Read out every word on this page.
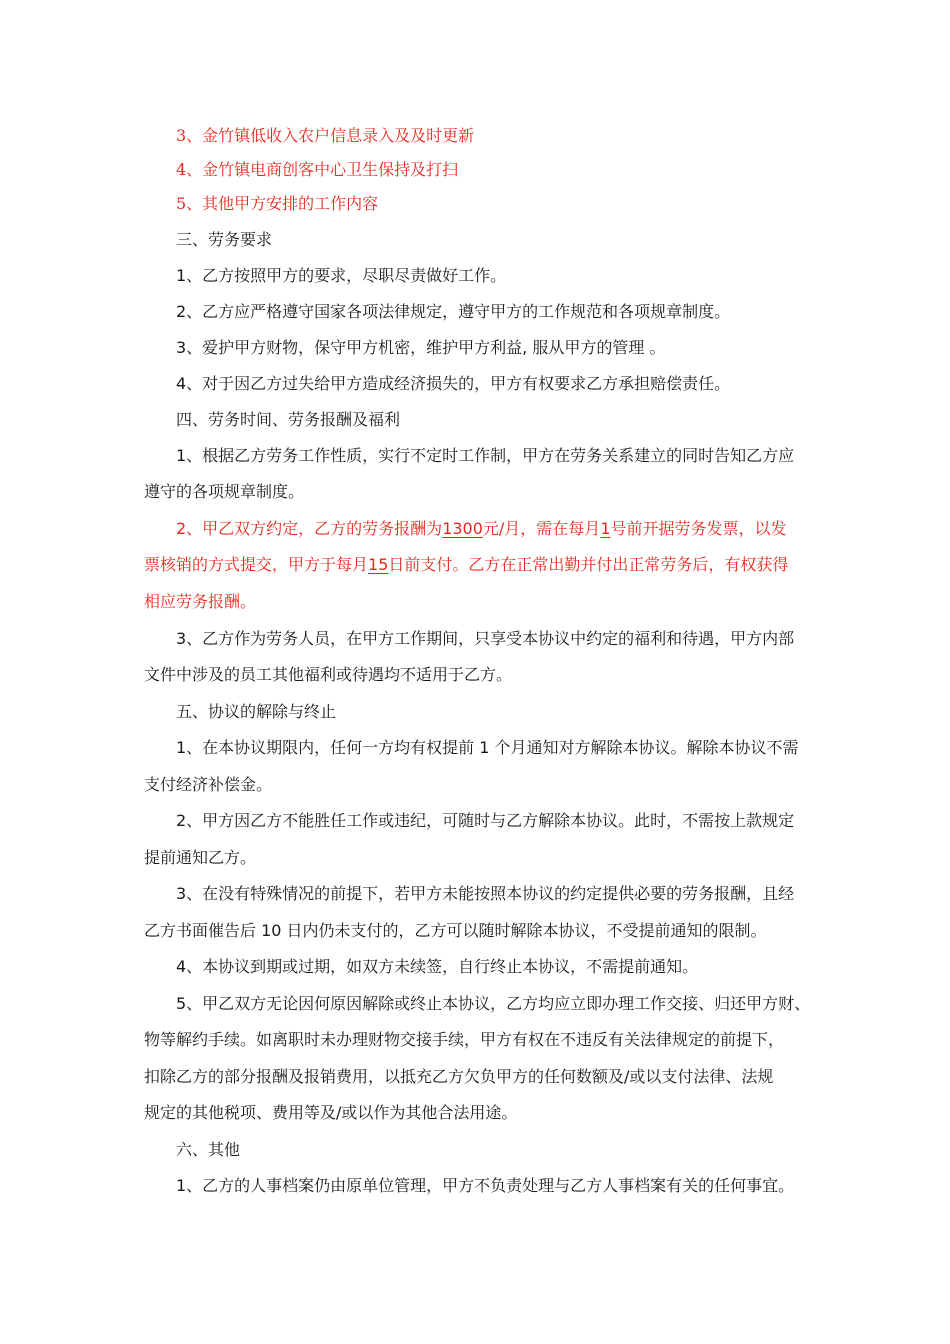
3、金竹镇低收入农户信息录入及及时更新
4、金竹镇电商创客中心卫生保持及打扫
5、其他甲方安排的工作内容
三、劳务要求
1、乙方按照甲方的要求，尽职尽责做好工作。
2、乙方应严格遵守国家各项法律规定，遵守甲方的工作规范和各项规章制度。
3、爱护甲方财物，保守甲方机密，维护甲方利益, 服从甲方的管理 。
4、对于因乙方过失给甲方造成经济损失的，甲方有权要求乙方承担赔偿责任。
四、劳务时间、劳务报酬及福利
1、根据乙方劳务工作性质，实行不定时工作制，甲方在劳务关系建立的同时告知乙方应
遵守的各项规章制度。
2、甲乙双方约定，乙方的劳务报酬为1300元/月，需在每月1号前开据劳务发票，以发
票核销的方式提交，甲方于每月15日前支付。乙方在正常出勤并付出正常劳务后，有权获得
相应劳务报酬。
3、乙方作为劳务人员，在甲方工作期间，只享受本协议中约定的福利和待遇，甲方内部
文件中涉及的员工其他福利或待遇均不适用于乙方。
五、协议的解除与终止
1、在本协议期限内，任何一方均有权提前 1 个月通知对方解除本协议。解除本协议不需
支付经济补偿金。
2、甲方因乙方不能胜任工作或违纪，可随时与乙方解除本协议。此时，不需按上款规定
提前通知乙方。
3、在没有特殊情况的前提下，若甲方未能按照本协议的约定提供必要的劳务报酬，且经
乙方书面催告后 10 日内仍未支付的，乙方可以随时解除本协议，不受提前通知的限制。
4、本协议到期或过期，如双方未续签，自行终止本协议，不需提前通知。
5、甲乙双方无论因何原因解除或终止本协议，乙方均应立即办理工作交接、归还甲方财、
物等解约手续。如离职时未办理财物交接手续，甲方有权在不违反有关法律规定的前提下，
扣除乙方的部分报酬及报销费用，以抵充乙方欠负甲方的任何数额及/或以支付法律、法规
规定的其他税项、费用等及/或以作为其他合法用途。
六、其他
1、乙方的人事档案仍由原单位管理，甲方不负责处理与乙方人事档案有关的任何事宜。
